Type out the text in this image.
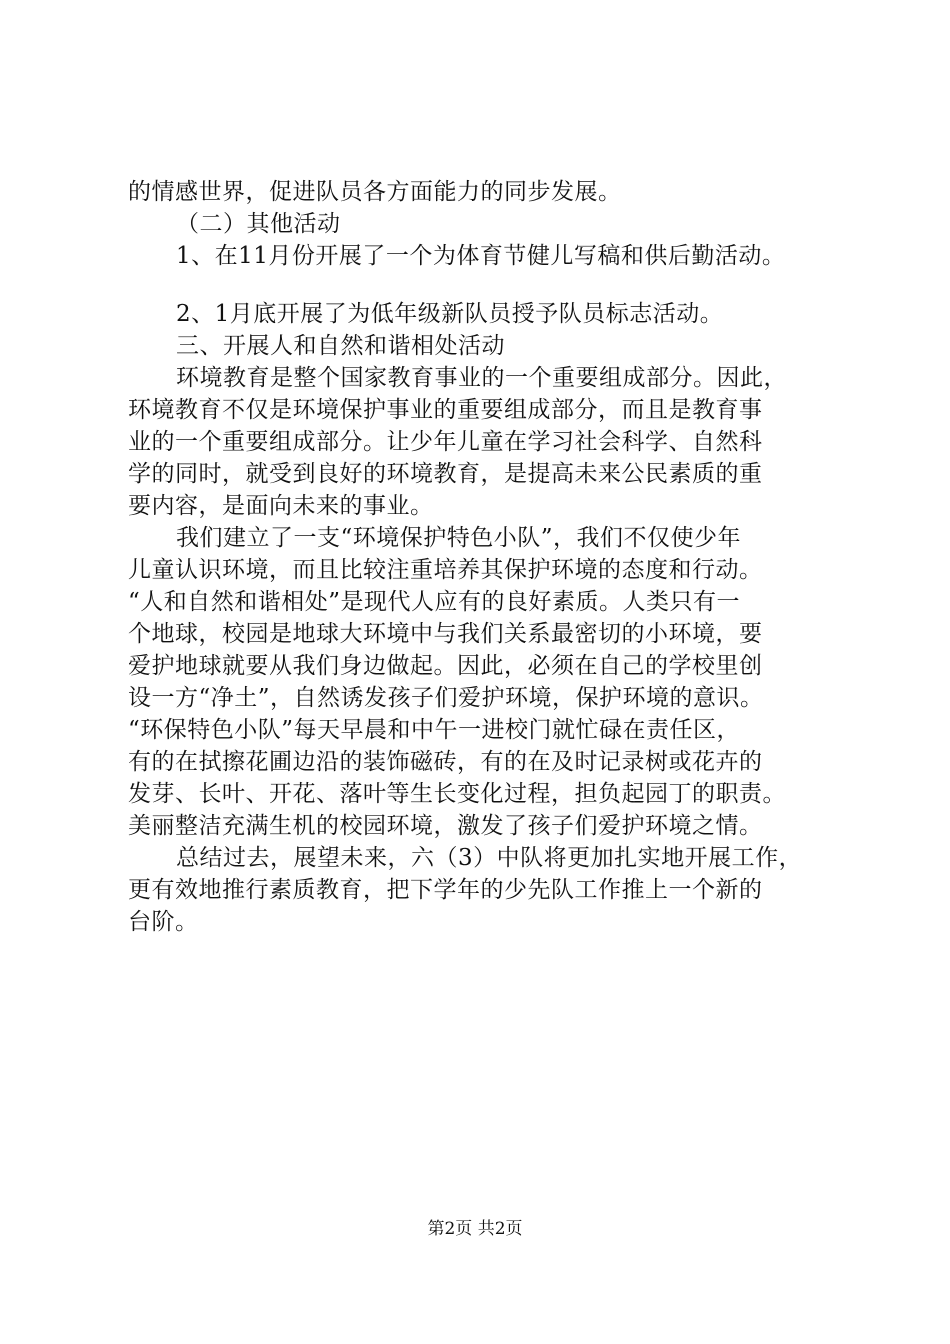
的情感世界，促进队员各方面能力的同步发展。
（二）其他活动
1、在11月份开展了一个为体育节健儿写稿和供后勤活动。
2、1月底开展了为低年级新队员授予队员标志活动。
三、开展人和自然和谐相处活动
环境教育是整个国家教育事业的一个重要组成部分。因此，
环境教育不仅是环境保护事业的重要组成部分，而且是教育事
业的一个重要组成部分。让少年儿童在学习社会科学、自然科
学的同时，就受到良好的环境教育，是提高未来公民素质的重
要内容，是面向未来的事业。
我们建立了一支“环境保护特色小队”，我们不仅使少年
儿童认识环境，而且比较注重培养其保护环境的态度和行动。
“人和自然和谐相处”是现代人应有的良好素质。人类只有一
个地球，校园是地球大环境中与我们关系最密切的小环境，要
爱护地球就要从我们身边做起。因此，必须在自己的学校里创
设一方“净土”，自然诱发孩子们爱护环境，保护环境的意识。
“环保特色小队”每天早晨和中午一进校门就忙碌在责任区，
有的在拭擦花圃边沿的装饰磁砖，有的在及时记录树或花卉的
发芽、长叶、开花、落叶等生长变化过程，担负起园丁的职责。
美丽整洁充满生机的校园环境，激发了孩子们爱护环境之情。
总结过去，展望未来，六（3）中队将更加扎实地开展工作，
更有效地推行素质教育，把下学年的少先队工作推上一个新的
台阶。
第2页 共2页
